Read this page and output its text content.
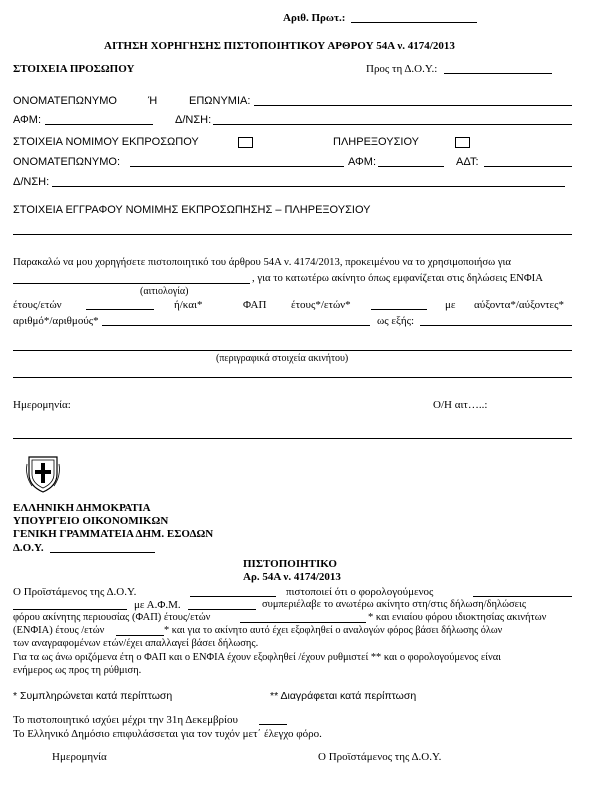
Αριθ. Πρωτ.:
ΑΙΤΗΣΗ ΧΟΡΗΓΗΣΗΣ ΠΙΣΤΟΠΟΙΗΤΙΚΟΥ ΑΡΘΡΟΥ 54Α ν. 4174/2013
ΣΤΟΙΧΕΙΑ ΠΡΟΣΩΠΟΥ	Προς τη Δ.Ο.Υ.:
ΟΝΟΜΑΤΕΠΩΝΥΜΟ	Ή	ΕΠΩΝΥΜΙΑ:
ΑΦΜ:	Δ/ΝΣΗ:
ΣΤΟΙΧΕΙΑ ΝΟΜΙΜΟΥ ΕΚΠΡΟΣΩΠΟΥ	ΠΛΗΡΕΞΟΥΣΙΟΥ
ΟΝΟΜΑΤΕΠΩΝΥΜΟ:	ΑΦΜ:	ΑΔΤ:
Δ/ΝΣΗ:
ΣΤΟΙΧΕΙΑ ΕΓΓΡΑΦΟΥ ΝΟΜΙΜΗΣ ΕΚΠΡΟΣΩΠΗΣΗΣ – ΠΛΗΡΕΞΟΥΣΙΟΥ
Παρακαλώ να μου χορηγήσετε πιστοποιητικό του άρθρου 54Α ν. 4174/2013, προκειμένου να το χρησιμοποιήσω για
, για το κατωτέρω ακίνητο όπως εμφανίζεται στις δηλώσεις ΕΝΦΙΑ
(αιτιολογία)
έτους/ετών	ή/και*	ΦΑΠ έτους*/ετών*	με αύξοντα*/αύξοντες*
αριθμό*/αριθμούς*	ως εξής:
(περιγραφικά στοιχεία ακινήτου)
Ημερομηνία:	Ο/Η αιτ…..:
ΕΛΛΗΝΙΚΗ ΔΗΜΟΚΡΑΤΙΑ
ΥΠΟΥΡΓΕΙΟ ΟΙΚΟΝΟΜΙΚΩΝ
ΓΕΝΙΚΗ ΓΡΑΜΜΑΤΕΙΑ ΔΗΜ. ΕΣΟΔΩΝ
Δ.Ο.Υ.
ΠΙΣΤΟΠΟΙΗΤΙΚΟ
Αρ. 54Α ν. 4174/2013
Ο Προϊστάμενος της Δ.Ο.Υ.	πιστοποιεί ότι ο φορολογούμενος
με Α.Φ.Μ.	συμπεριέλαβε το ανωτέρω ακίνητο στη/στις δήλωση/δηλώσεις
φόρου ακίνητης περιουσίας (ΦΑΠ) έτους/ετών	* και ενιαίου φόρου ιδιοκτησίας ακινήτων
(ΕΝΦΙΑ) έτους /ετών	* και για το ακίνητο αυτό έχει εξοφληθεί ο αναλογών φόρος βάσει δήλωσης όλων
των αναγραφομένων ετών/έχει απαλλαγεί βάσει δήλωσης.
Για τα ως άνω οριζόμενα έτη ο ΦΑΠ και ο ΕΝΦΙΑ έχουν εξοφληθεί /έχουν ρυθμιστεί ** και ο φορολογούμενος είναι
ενήμερος ως προς τη ρύθμιση.
* Συμπληρώνεται κατά περίπτωση	** Διαγράφεται κατά περίπτωση
Το πιστοποιητικό ισχύει μέχρι την 31η Δεκεμβρίου
Το Ελληνικό Δημόσιο επιφυλάσσεται για τον τυχόν μετ΄ έλεγχο φόρο.
Ημερομηνία	Ο Προϊστάμενος της Δ.Ο.Υ.
